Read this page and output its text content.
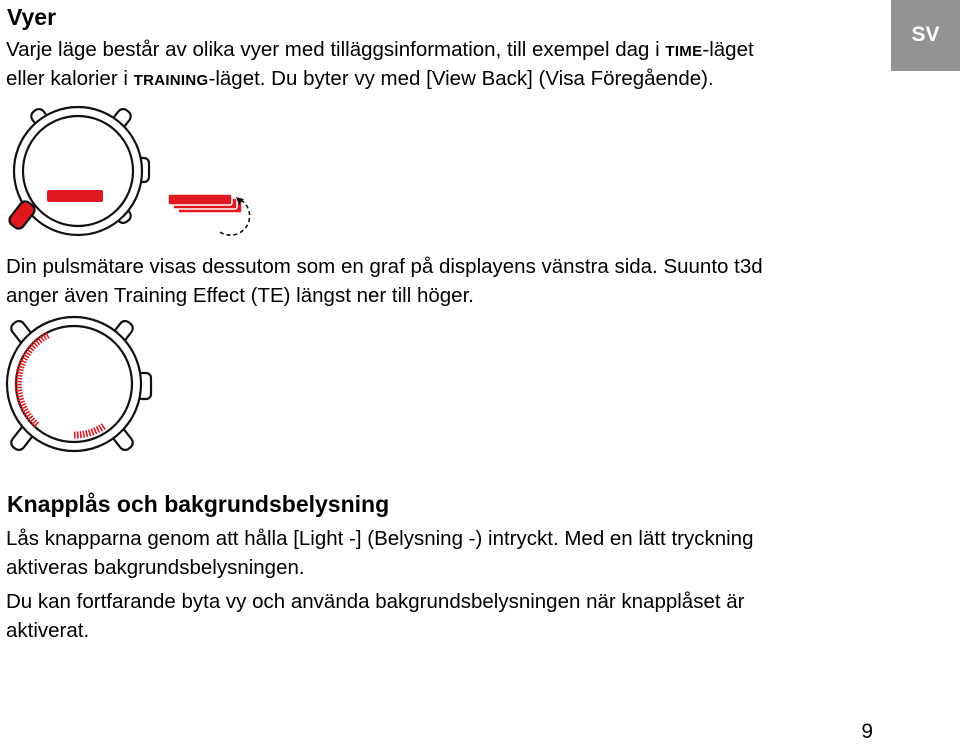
SV
Vyer
Varje läge består av olika vyer med tilläggsinformation, till exempel dag i TIME-läget
eller kalorier i TRAINING-läget. Du byter vy med [View Back] (Visa Föregående).
Din pulsmätare visas dessutom som en graf på displayens vänstra sida. Suunto t3d
anger även Training Effect (TE) längst ner till höger.
Knapplås och bakgrundsbelysning
Lås knapparna genom att hålla [Light -] (Belysning -) intryckt. Med en lätt tryckning
aktiveras bakgrundsbelysningen.
Du kan fortfarande byta vy och använda bakgrundsbelysningen när knapplåset är
aktiverat.
9
